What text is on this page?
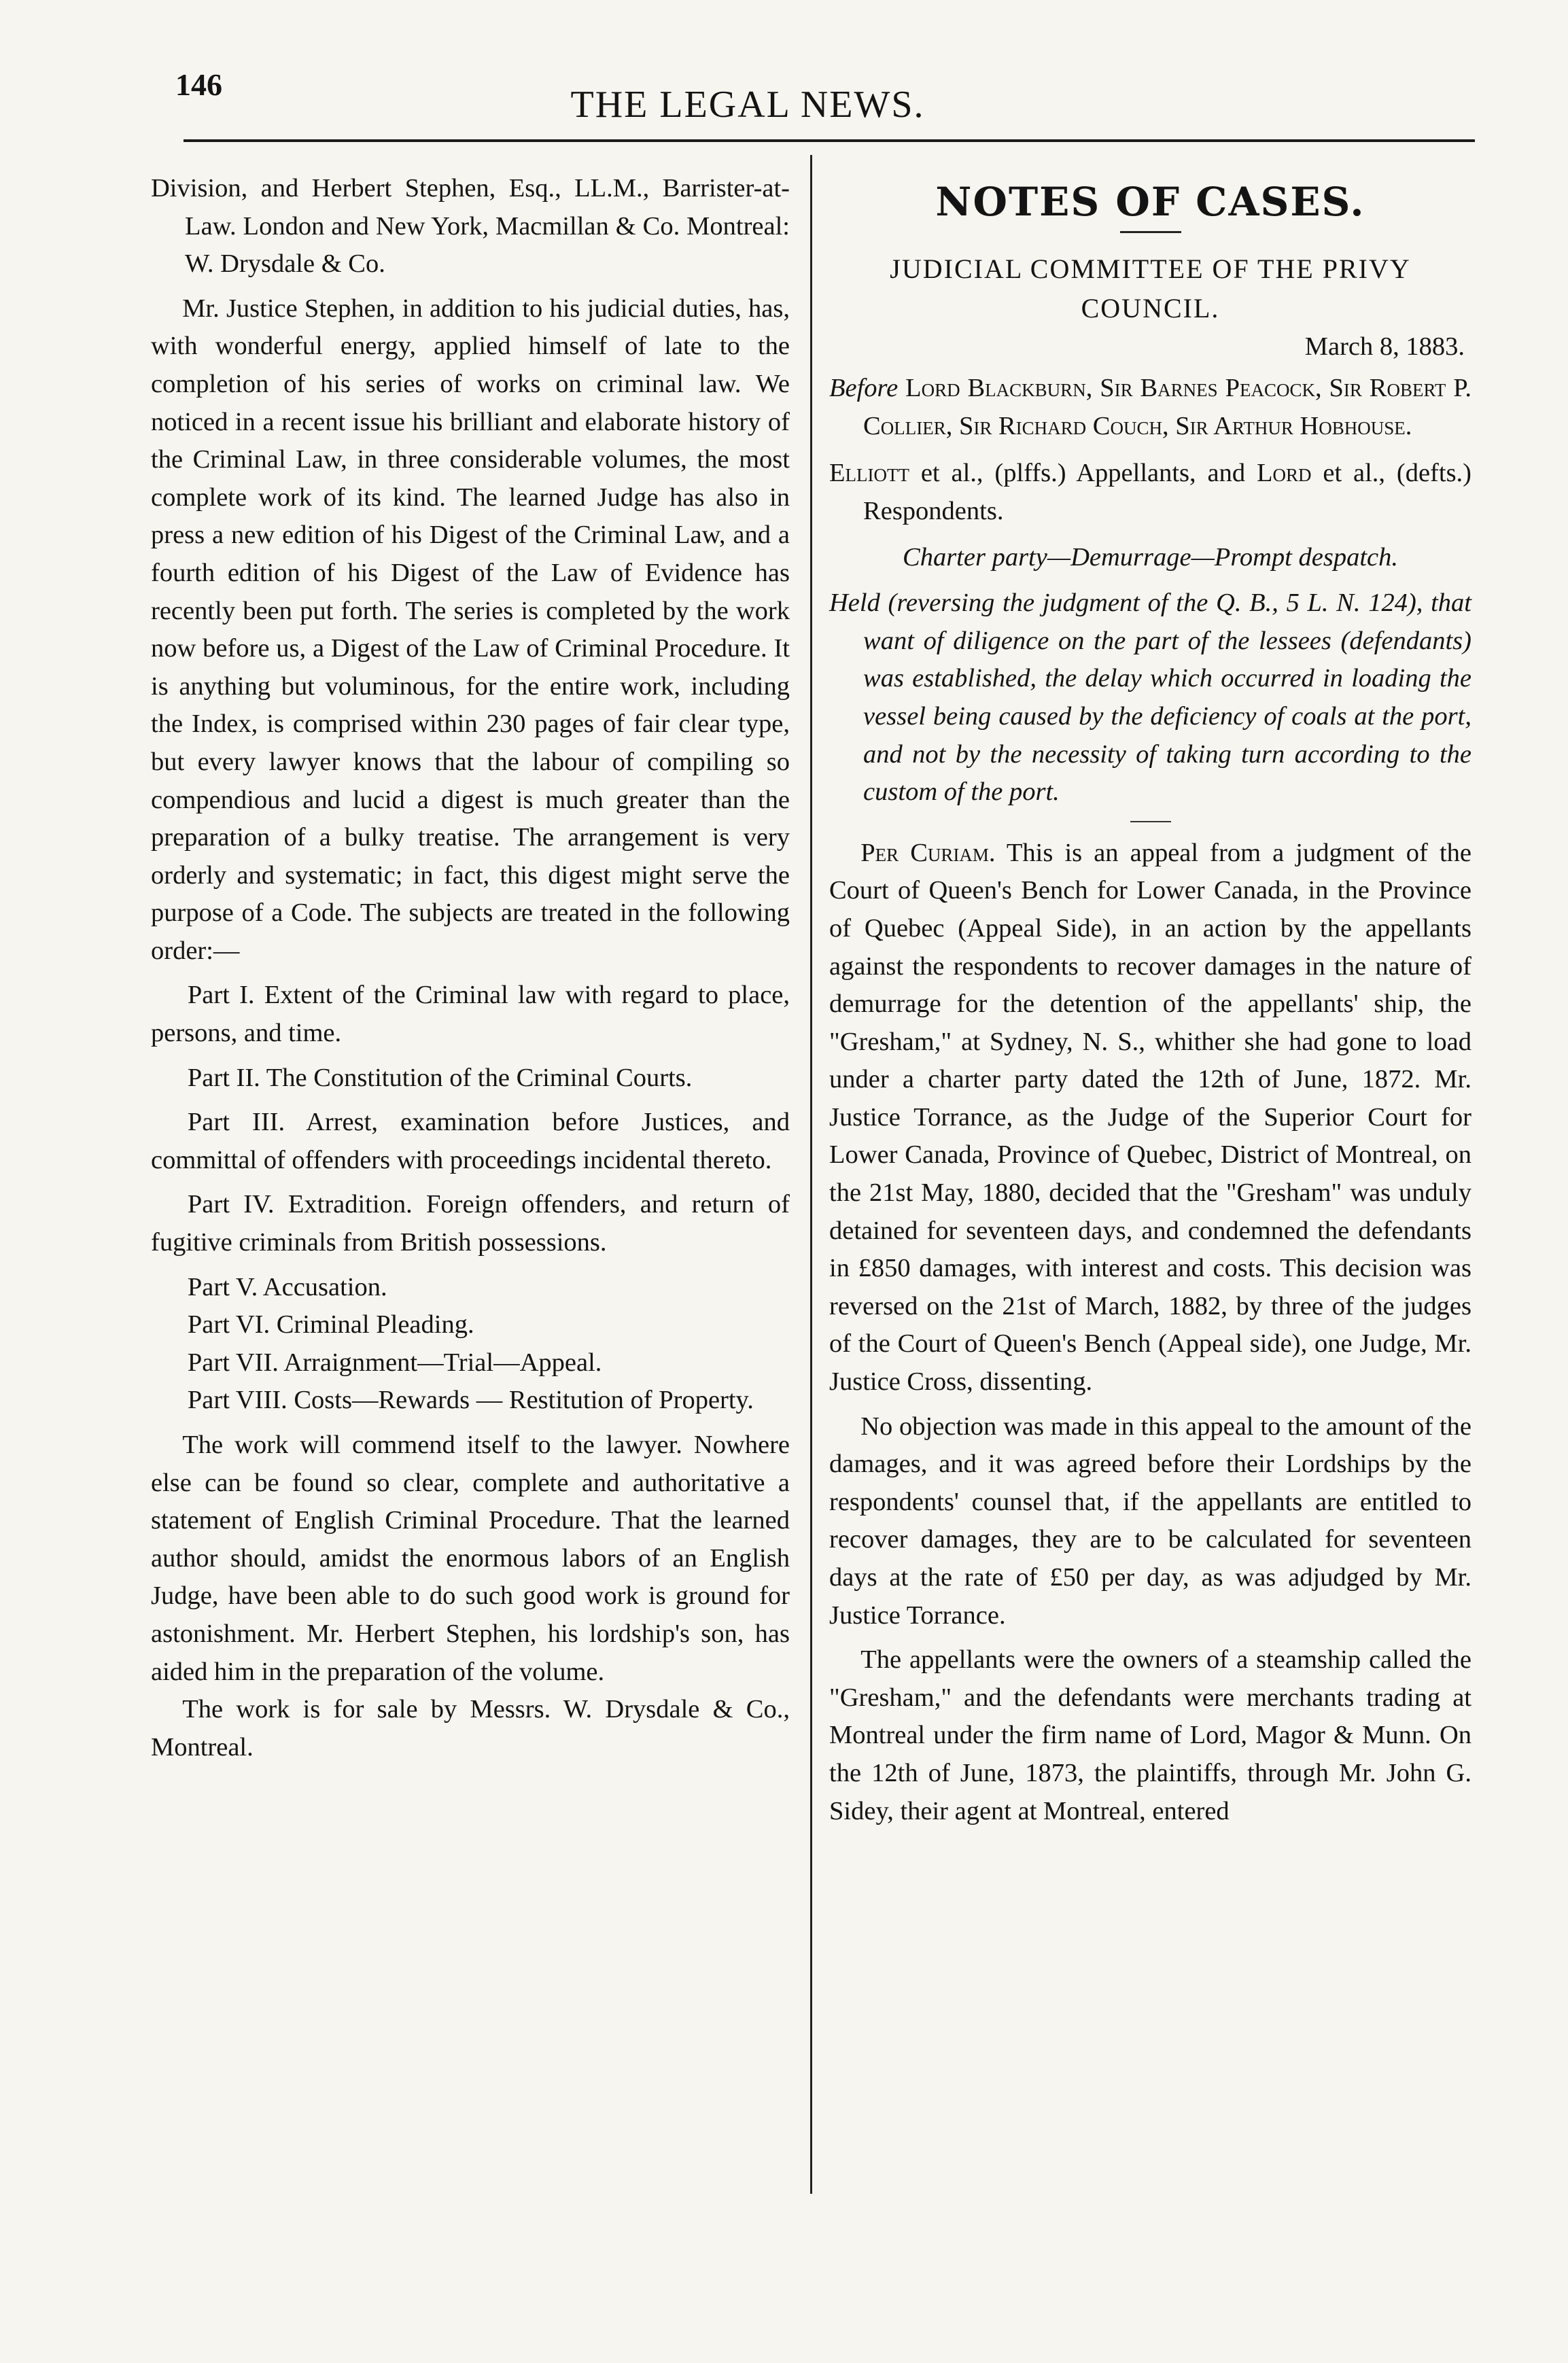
146	THE LEGAL NEWS.

Division, and Herbert Stephen, Esq., LL.M., Barrister-at-Law. London and New York, Macmillan & Co. Montreal: W. Drysdale & Co.

Mr. Justice Stephen, in addition to his judicial duties, has, with wonderful energy, applied himself of late to the completion of his series of works on criminal law. We noticed in a recent issue his brilliant and elaborate history of the Criminal Law, in three considerable volumes, the most complete work of its kind. The learned Judge has also in press a new edition of his Digest of the Criminal Law, and a fourth edition of his Digest of the Law of Evidence has recently been put forth. The series is completed by the work now before us, a Digest of the Law of Criminal Procedure. It is anything but voluminous, for the entire work, including the Index, is comprised within 230 pages of fair clear type, but every lawyer knows that the labour of compiling so compendious and lucid a digest is much greater than the preparation of a bulky treatise. The arrangement is very orderly and systematic; in fact, this digest might serve the purpose of a Code. The subjects are treated in the following order:—

Part I. Extent of the Criminal law with regard to place, persons, and time.

Part II. The Constitution of the Criminal Courts.

Part III. Arrest, examination before Justices, and committal of offenders with proceedings incidental thereto.

Part IV. Extradition. Foreign offenders, and return of fugitive criminals from British possessions.

Part V. Accusation.

Part VI. Criminal Pleading.

Part VII. Arraignment—Trial—Appeal.

Part VIII. Costs—Rewards — Restitution of Property.

The work will commend itself to the lawyer. Nowhere else can be found so clear, complete and authoritative a statement of English Criminal Procedure. That the learned author should, amidst the enormous labors of an English Judge, have been able to do such good work is ground for astonishment. Mr. Herbert Stephen, his lordship's son, has aided him in the preparation of the volume.

The work is for sale by Messrs. W. Drysdale & Co., Montreal.

NOTES OF CASES.
JUDICIAL COMMITTEE OF THE PRIVY COUNCIL.

March 8, 1883.

Before Lord Blackburn, Sir Barnes Peacock, Sir Robert P. Collier, Sir Richard Couch, Sir Arthur Hobhouse.

Elliott et al., (plffs.) Appellants, and Lord et al., (defts.) Respondents.

Charter party—Demurrage—Prompt despatch.

Held (reversing the judgment of the Q. B., 5 L. N. 124), that want of diligence on the part of the lessees (defendants) was established, the delay which occurred in loading the vessel being caused by the deficiency of coals at the port, and not by the necessity of taking turn according to the custom of the port.

Per Curiam. This is an appeal from a judgment of the Court of Queen's Bench for Lower Canada, in the Province of Quebec (Appeal Side), in an action by the appellants against the respondents to recover damages in the nature of demurrage for the detention of the appellants' ship, the "Gresham," at Sydney, N. S., whither she had gone to load under a charter party dated the 12th of June, 1872. Mr. Justice Torrance, as the Judge of the Superior Court for Lower Canada, Province of Quebec, District of Montreal, on the 21st May, 1880, decided that the "Gresham" was unduly detained for seventeen days, and condemned the defendants in £850 damages, with interest and costs. This decision was reversed on the 21st of March, 1882, by three of the judges of the Court of Queen's Bench (Appeal side), one Judge, Mr. Justice Cross, dissenting.

No objection was made in this appeal to the amount of the damages, and it was agreed before their Lordships by the respondents' counsel that, if the appellants are entitled to recover damages, they are to be calculated for seventeen days at the rate of £50 per day, as was adjudged by Mr. Justice Torrance.

The appellants were the owners of a steamship called the "Gresham," and the defendants were merchants trading at Montreal under the firm name of Lord, Magor & Munn. On the 12th of June, 1873, the plaintiffs, through Mr. John G. Sidey, their agent at Montreal, entered
